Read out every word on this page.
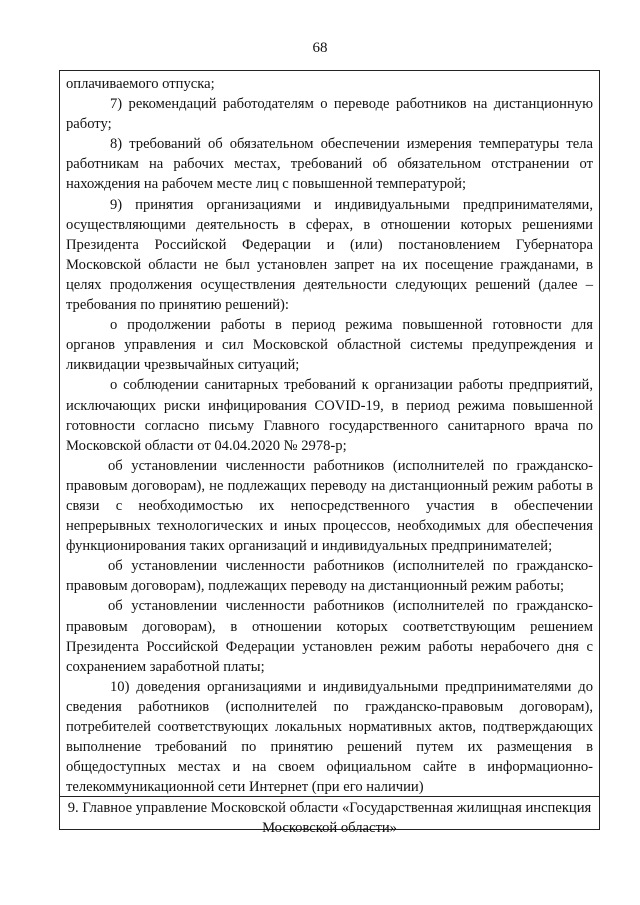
68

оплачиваемого отпуска;

7) рекомендаций работодателям о переводе работников на дистанционную работу;

8) требований об обязательном обеспечении измерения температуры тела работникам на рабочих местах, требований об обязательном отстранении от нахождения на рабочем месте лиц с повышенной температурой;

9) принятия организациями и индивидуальными предпринимателями, осуществляющими деятельность в сферах, в отношении которых решениями Президента Российской Федерации и (или) постановлением Губернатора Московской области не был установлен запрет на их посещение гражданами, в целях продолжения осуществления деятельности следующих решений (далее – требования по принятию решений):

о продолжении работы в период режима повышенной готовности для органов управления и сил Московской областной системы предупреждения и ликвидации чрезвычайных ситуаций;

о соблюдении санитарных требований к организации работы предприятий, исключающих риски инфицирования COVID-19, в период режима повышенной готовности согласно письму Главного государственного санитарного врача по Московской области от 04.04.2020 № 2978-р;

об установлении численности работников (исполнителей по гражданско-правовым договорам), не подлежащих переводу на дистанционный режим работы в связи с необходимостью их непосредственного участия в обеспечении непрерывных технологических и иных процессов, необходимых для обеспечения функционирования таких организаций и индивидуальных предпринимателей;

об установлении численности работников (исполнителей по гражданско-правовым договорам), подлежащих переводу на дистанционный режим работы;

об установлении численности работников (исполнителей по гражданско-правовым договорам), в отношении которых соответствующим решением Президента Российской Федерации установлен режим работы нерабочего дня с сохранением заработной платы;

10) доведения организациями и индивидуальными предпринимателями до сведения работников (исполнителей по гражданско-правовым договорам), потребителей соответствующих локальных нормативных актов, подтверждающих выполнение требований по принятию решений путем их размещения в общедоступных местах и на своем официальном сайте в информационно-телекоммуникационной сети Интернет (при его наличии)

9. Главное управление Московской области «Государственная жилищная инспекция Московской области»
